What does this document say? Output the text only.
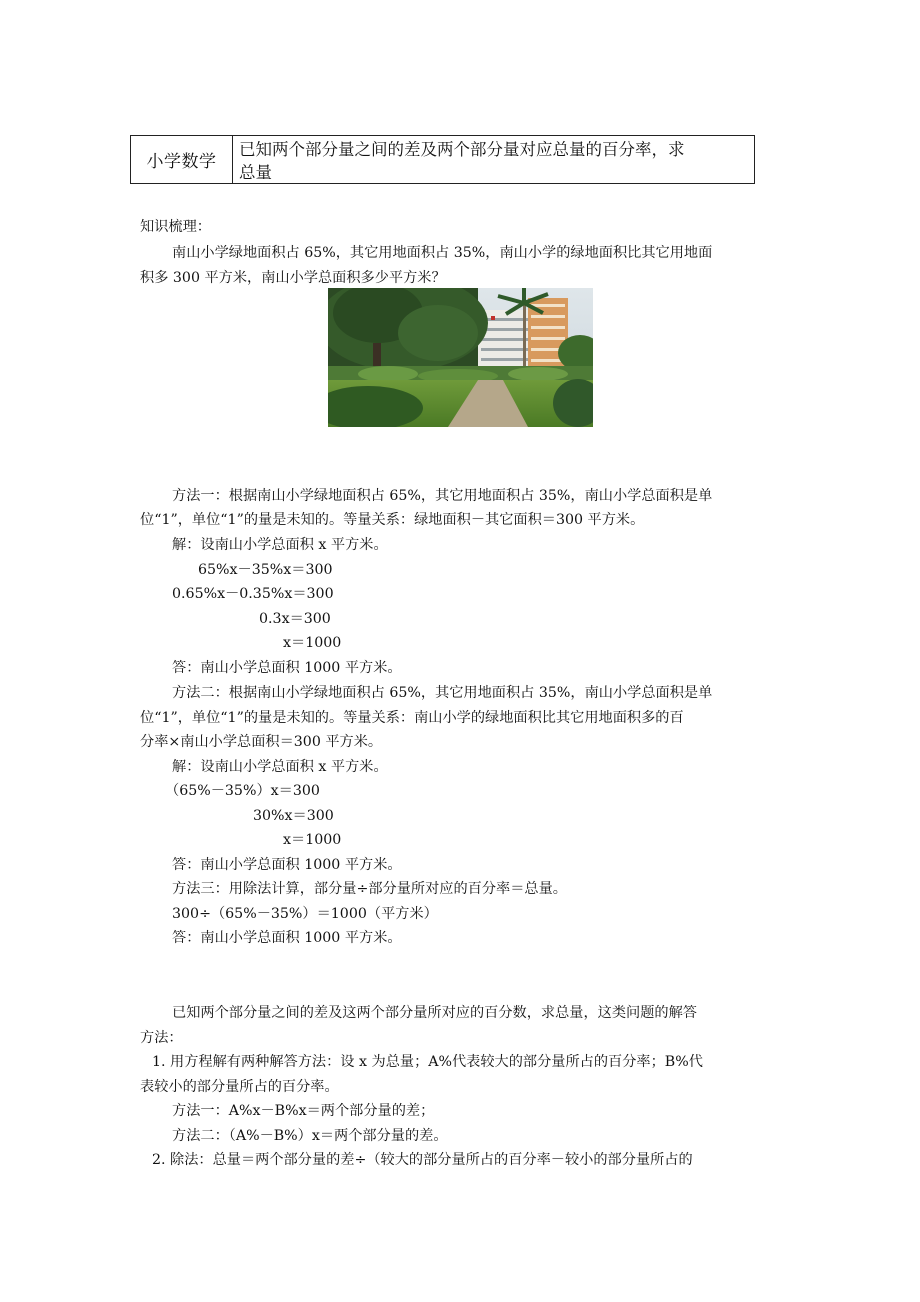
小学数学
已知两个部分量之间的差及两个部分量对应总量的百分率，求
总量
知识梳理：
南山小学绿地面积占 65%，其它用地面积占 35%，南山小学的绿地面积比其它用地面
积多 300 平方米，南山小学总面积多少平方米？
方法一：根据南山小学绿地面积占 65%，其它用地面积占 35%，南山小学总面积是单
位“1”，单位“1”的量是未知的。等量关系：绿地面积－其它面积＝300 平方米。
解：设南山小学总面积 x 平方米。
65%x－35%x＝300
0.65%x－0.35%x＝300
0.3x＝300
x＝1000
答：南山小学总面积 1000 平方米。
方法二：根据南山小学绿地面积占 65%，其它用地面积占 35%，南山小学总面积是单
位“1”，单位“1”的量是未知的。等量关系：南山小学的绿地面积比其它用地面积多的百
分率×南山小学总面积＝300 平方米。
解：设南山小学总面积 x 平方米。
（65%－35%）x＝300
30%x＝300
x＝1000
答：南山小学总面积 1000 平方米。
方法三：用除法计算，部分量÷部分量所对应的百分率＝总量。
300÷（65%－35%）＝1000（平方米）
答：南山小学总面积 1000 平方米。
已知两个部分量之间的差及这两个部分量所对应的百分数，求总量，这类问题的解答
方法：
1. 用方程解有两种解答方法：设 x 为总量；A%代表较大的部分量所占的百分率；B%代
表较小的部分量所占的百分率。
方法一：A%x－B%x＝两个部分量的差；
方法二：（A%－B%）x＝两个部分量的差。
2. 除法：总量＝两个部分量的差÷（较大的部分量所占的百分率－较小的部分量所占的
